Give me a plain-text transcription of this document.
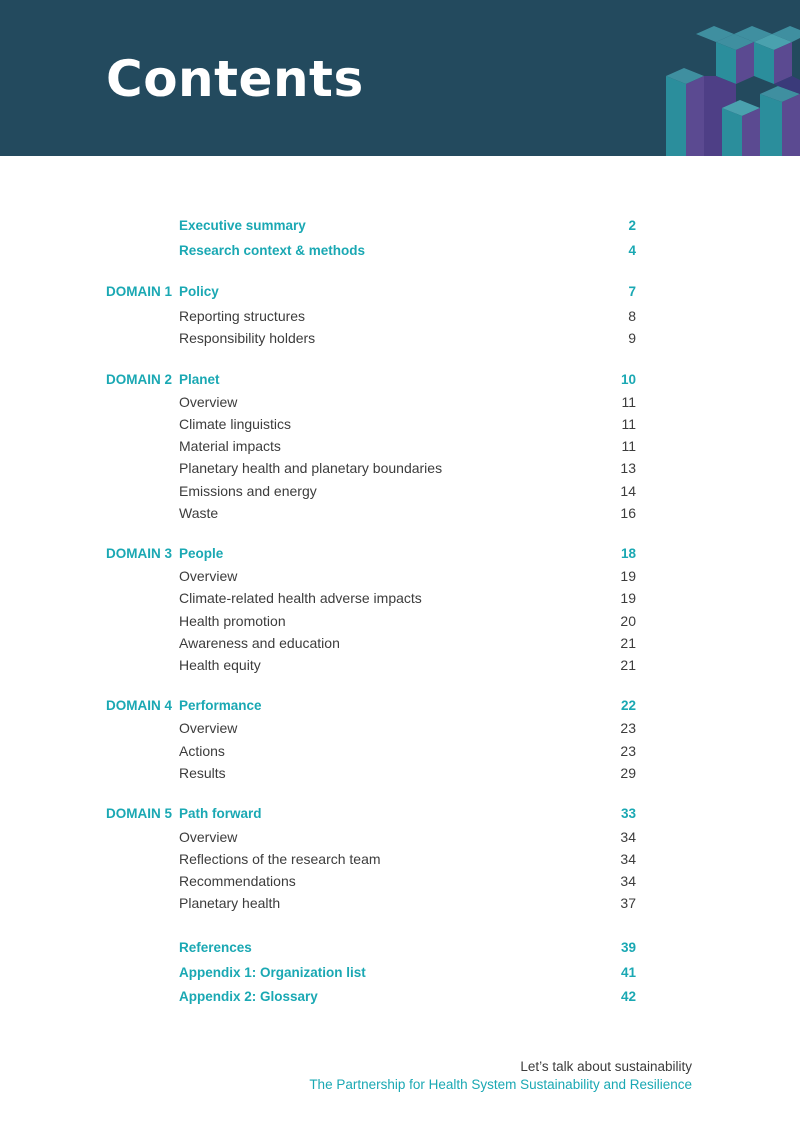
Contents
Executive summary	2
Research context & methods	4
DOMAIN 1 Policy	7
Reporting structures	8
Responsibility holders	9
DOMAIN 2 Planet	10
Overview	11
Climate linguistics	11
Material impacts	11
Planetary health and planetary boundaries	13
Emissions and energy	14
Waste	16
DOMAIN 3 People	18
Overview	19
Climate-related health adverse impacts	19
Health promotion	20
Awareness and education	21
Health equity	21
DOMAIN 4 Performance	22
Overview	23
Actions	23
Results	29
DOMAIN 5 Path forward	33
Overview	34
Reflections of the research team	34
Recommendations	34
Planetary health	37
References	39
Appendix 1: Organization list	41
Appendix 2: Glossary	42
Let’s talk about sustainability
The Partnership for Health System Sustainability and Resilience
